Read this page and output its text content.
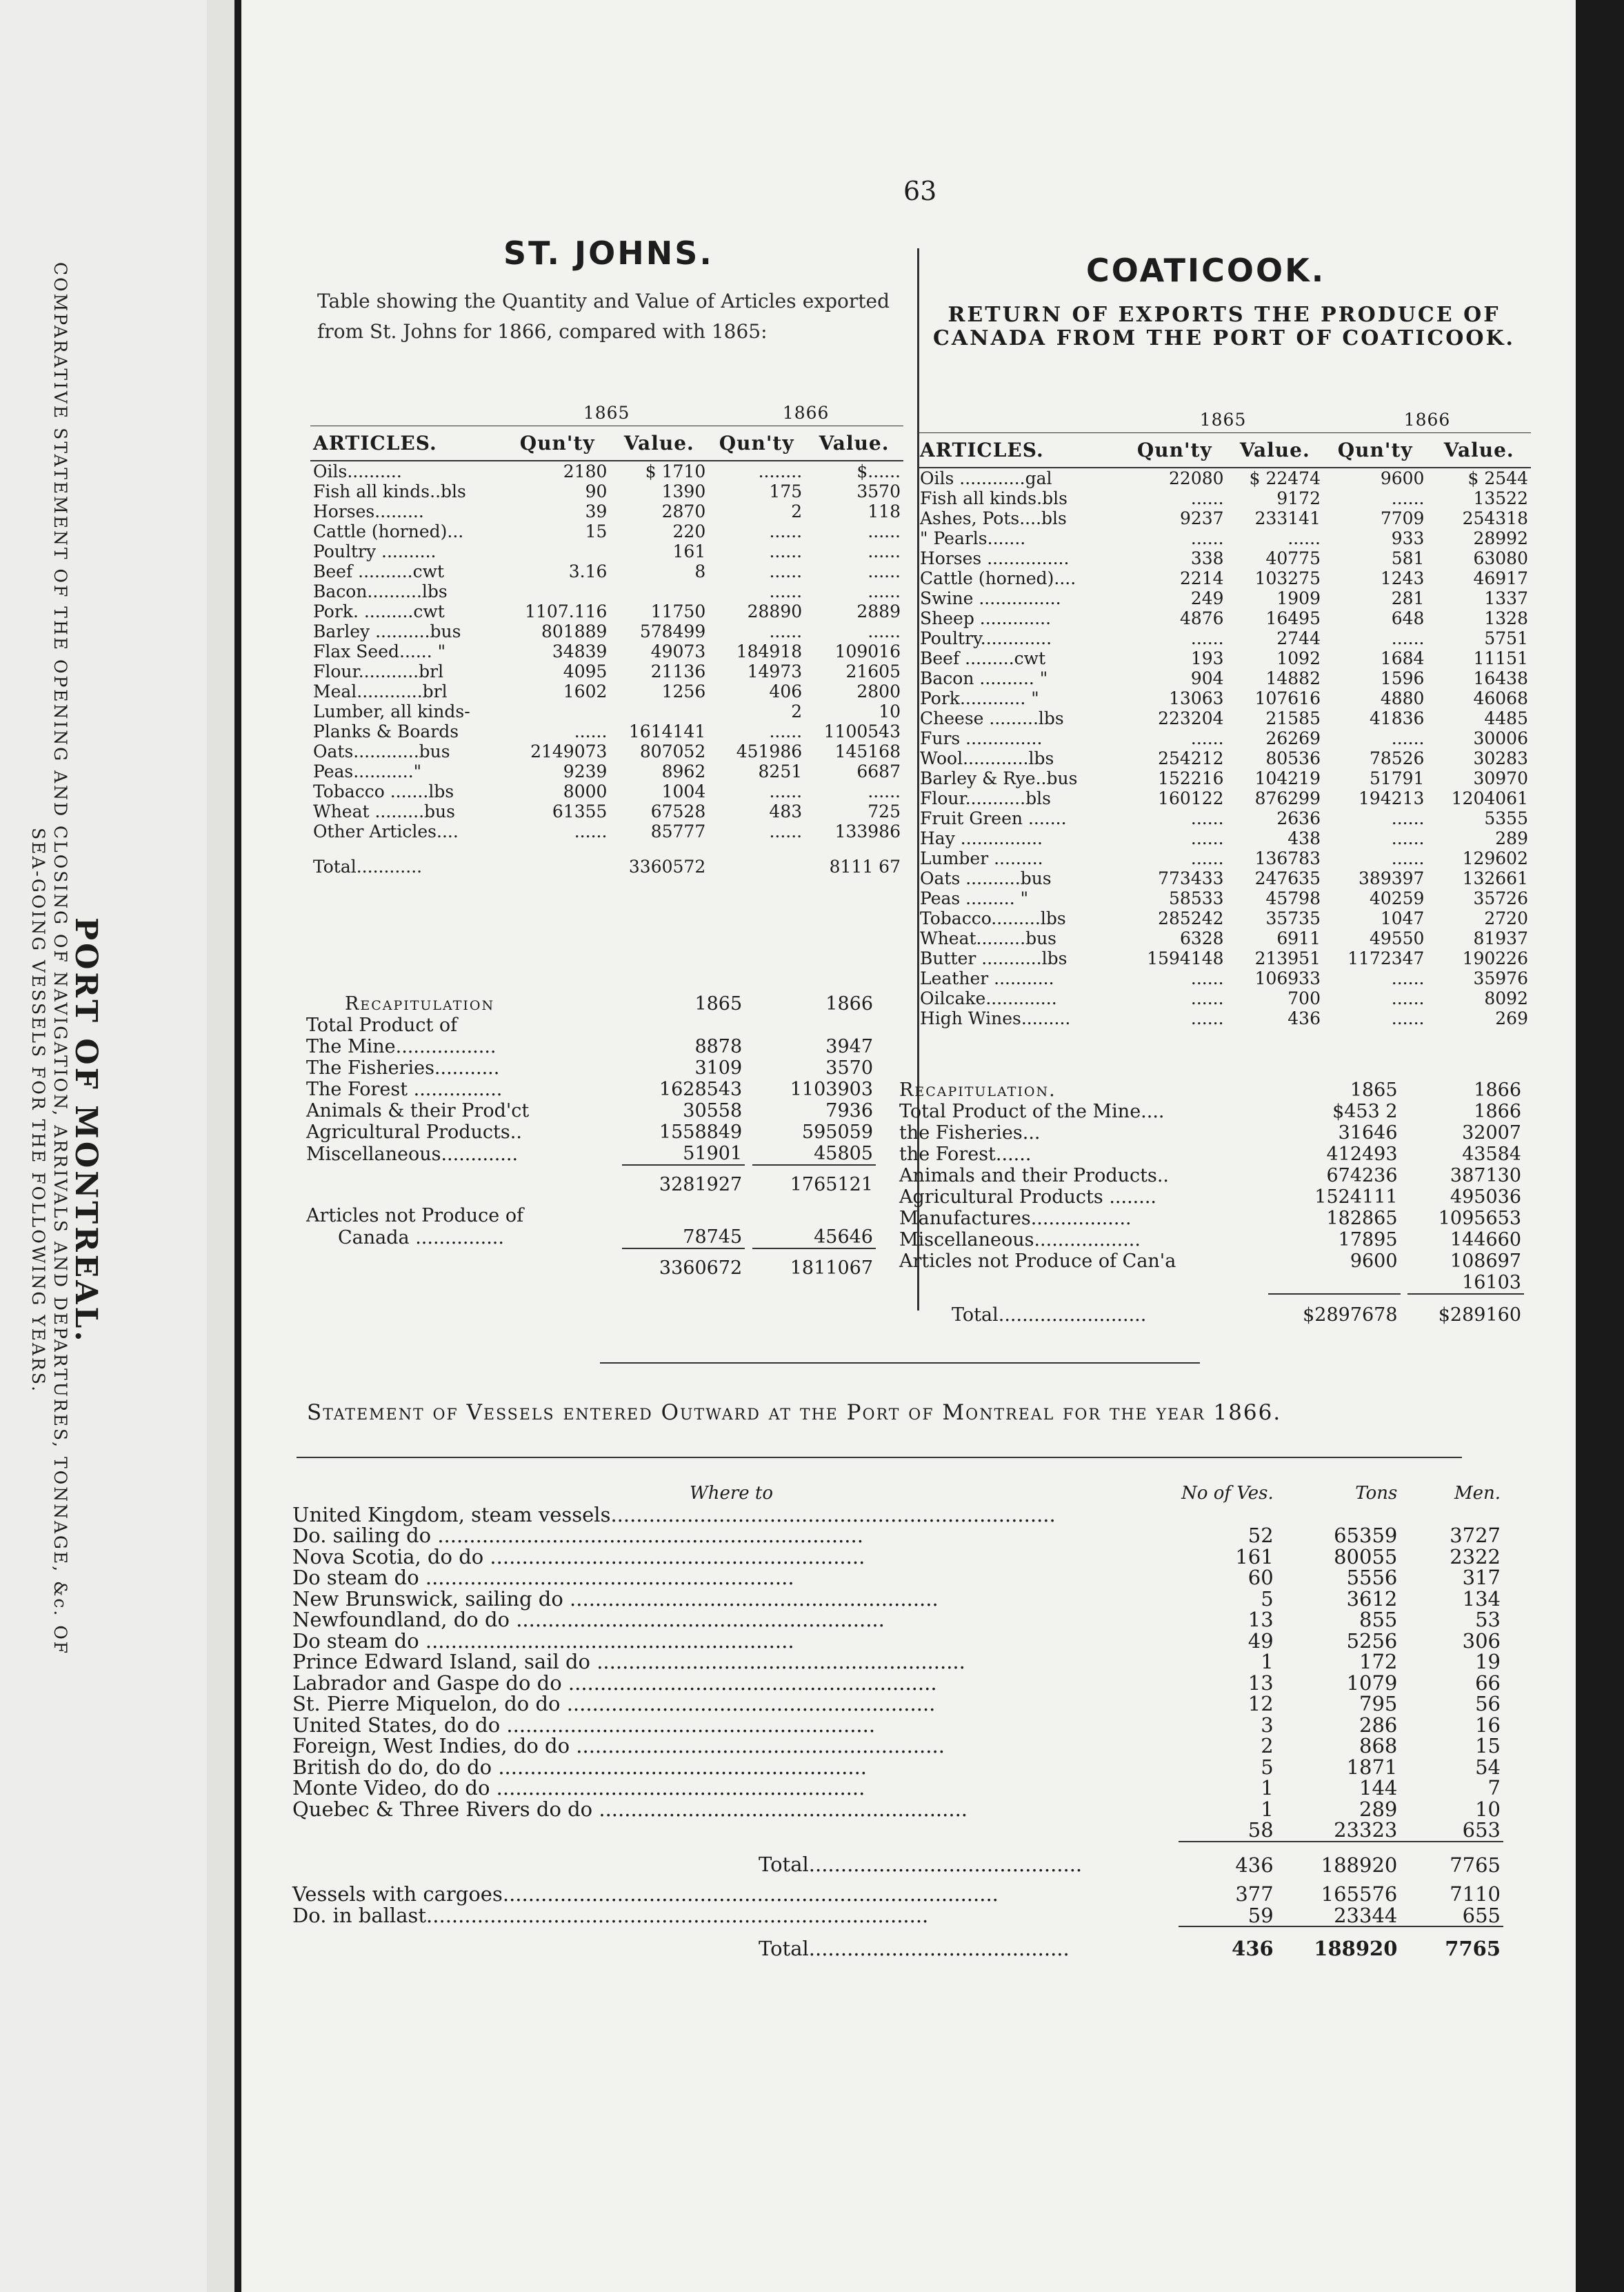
COMPARATIVE STATEMENT OF THE OPENING AND CLOSING OF NAVIGATION, ARRIVALS AND DEPARTURES, TONNAGE, &c. OF
SEA-GOING VESSELS FOR THE FOLLOWING YEARS. PORT OF MONTREAL.
63
ST. JOHNS.
Table showing the Quantity and Value of Articles exported from St. Johns for 1866, compared with 1865:
	1865		1866	
ARTICLES.	Qun'ty	Value.	Qun'ty	Value.
Oils..........	2180	$ 1710	........	$......
Fish all kinds..bls	90	1390	175	3570
Horses.........	39	2870	2	118
Cattle (horned)...	15	220	......	......
Poultry ..........		161	......	......
Beef ..........cwt	3.16	8	......	......
Bacon..........lbs			......	......
Pork. .........cwt	1107.116	11750	28890	2889
Barley ..........bus	801889	578499	......	......
Flax Seed...... "	34839	49073	184918	109016
Flour...........brl	4095	21136	14973	21605
Meal............brl	1602	1256	406	2800
Lumber, all kinds-			2	10
Planks & Boards	......	1614141	......	1100543
Oats............bus	2149073	807052	451986	145168
Peas..........."	9239	8962	8251	6687
Tobacco .......lbs	8000	1004	......	......
Wheat .........bus	61355	67528	483	725
Other Articles....	......	85777	......	133986
Total............		3360572		8111 67
Recapitulation	1865		1866
Total Product of			
The Mine.................	8878		3947
The Fisheries...........	3109		3570
The Forest ...............	1628543		1103903
Animals & their Prod'ct	30558		7936
Agricultural Products..	1558849		595059
Miscellaneous.............	51901		45805
	3281927		1765121
Articles not Produce of			
Canada ...............	78745		45646
	3360672		1811067
COATICOOK.
RETURN OF EXPORTS THE PRODUCE OF CANADA FROM THE PORT OF COATICOOK.
	1865		1866	
ARTICLES.	Qun'ty	Value.	Qun'ty	Value.
Oils ............gal	22080	$ 22474	9600	$ 2544
Fish all kinds.bls	......	9172	......	13522
Ashes, Pots....bls	9237	233141	7709	254318
" Pearls.......	......	......	933	28992
Horses ...............	338	40775	581	63080
Cattle (horned)....	2214	103275	1243	46917
Swine ...............	249	1909	281	1337
Sheep .............	4876	16495	648	1328
Poultry.............	......	2744	......	5751
Beef .........cwt	193	1092	1684	11151
Bacon .......... "	904	14882	1596	16438
Pork............ "	13063	107616	4880	46068
Cheese .........lbs	223204	21585	41836	4485
Furs ..............	......	26269	......	30006
Wool............lbs	254212	80536	78526	30283
Barley & Rye..bus	152216	104219	51791	30970
Flour...........bls	160122	876299	194213	1204061
Fruit Green .......	......	2636	......	5355
Hay ...............	......	438	......	289
Lumber .........	......	136783	......	129602
Oats ..........bus	773433	247635	389397	132661
Peas ......... "	58533	45798	40259	35726
Tobacco.........lbs	285242	35735	1047	2720
Wheat.........bus	6328	6911	49550	81937
Butter ...........lbs	1594148	213951	1172347	190226
Leather ...........	......	106933	......	35976
Oilcake.............	......	700	......	8092
High Wines.........	......	436	......	269
Recapitulation.	1865		1866
Total Product of the Mine....	$453 2		1866
the Fisheries...	31646		32007
the Forest......	412493		43584
Animals and their Products..	674236		387130
Agricultural Products ........	1524111		495036
Manufactures.................	182865		1095653
Miscellaneous..................	17895		144660
Articles not Produce of Can'a	9600		108697
			16103
Total.........................	$2897678		$289160
Statement of Vessels entered Outward at the Port of Montreal for the year 1866.
Where to	No of Ves.	Tons	Men.
United Kingdom, steam vessels......................................................................			
Do. sailing do ...................................................................	52	65359	3727
Nova Scotia, do do ...........................................................	161	80055	2322
Do steam do ..........................................................	60	5556	317
New Brunswick, sailing do ..........................................................	5	3612	134
Newfoundland, do do ..........................................................	13	855	53
Do steam do ..........................................................	49	5256	306
Prince Edward Island, sail do ..........................................................	1	172	19
Labrador and Gaspe do do ..........................................................	13	1079	66
St. Pierre Miquelon, do do ..........................................................	12	795	56
United States, do do ..........................................................	3	286	16
Foreign, West Indies, do do ..........................................................	2	868	15
British do do, do do ..........................................................	5	1871	54
Monte Video, do do ..........................................................	1	144	7
Quebec & Three Rivers do do ..........................................................	1	289	10
	58	23323	653
Total...........................................	436	188920	7765
Vessels with cargoes..............................................................................	377	165576	7110
Do. in ballast...............................................................................	59	23344	655
Total.........................................	436	188920	7765
